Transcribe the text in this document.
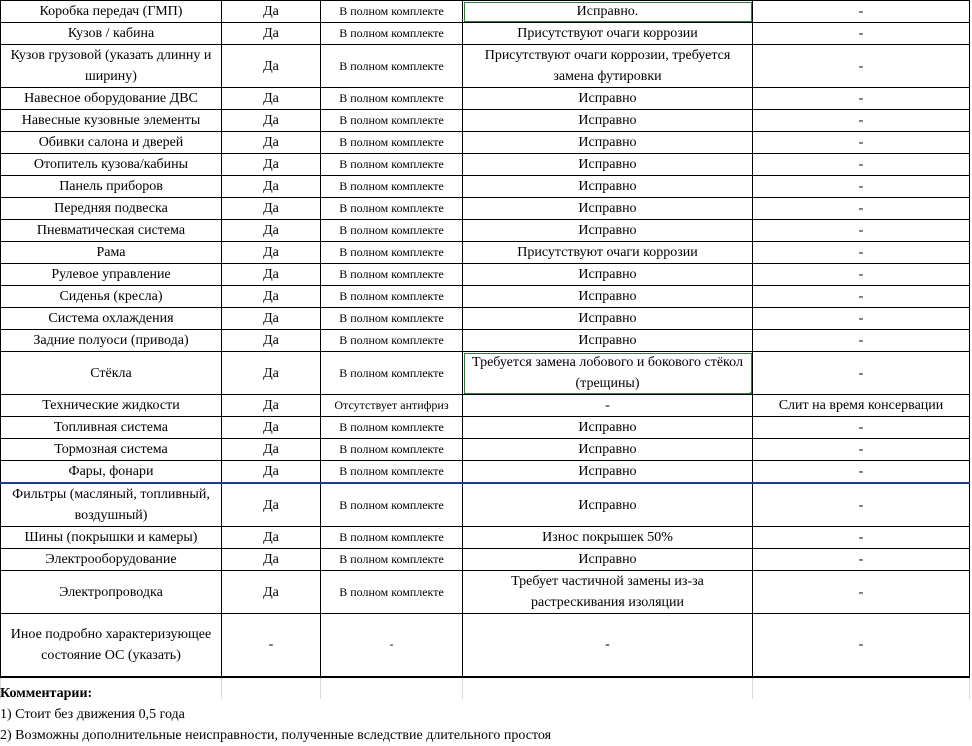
Коробка передач (ГМП)	Да	В полном комплекте	Исправно.	-
Кузов / кабина	Да	В полном комплекте	Присутствуют очаги коррозии	-
Кузов грузовой (указать длинну и ширину)	Да	В полном комплекте	Присутствуют очаги коррозии, требуется замена футировки	-
Навесное оборудование ДВС	Да	В полном комплекте	Исправно	-
Навесные кузовные элементы	Да	В полном комплекте	Исправно	-
Обивки салона и дверей	Да	В полном комплекте	Исправно	-
Отопитель кузова/кабины	Да	В полном комплекте	Исправно	-
Панель приборов	Да	В полном комплекте	Исправно	-
Передняя подвеска	Да	В полном комплекте	Исправно	-
Пневматическая система	Да	В полном комплекте	Исправно	-
Рама	Да	В полном комплекте	Присутствуют очаги коррозии	-
Рулевое управление	Да	В полном комплекте	Исправно	-
Сиденья (кресла)	Да	В полном комплекте	Исправно	-
Система охлаждения	Да	В полном комплекте	Исправно	-
Задние полуоси (привода)	Да	В полном комплекте	Исправно	-
Стёкла	Да	В полном комплекте	Требуется замена лобового и бокового стёкол (трещины)	-
Технические жидкости	Да	Отсутствует антифриз	-	Слит на время консервации
Топливная система	Да	В полном комплекте	Исправно	-
Тормозная система	Да	В полном комплекте	Исправно	-
Фары, фонари	Да	В полном комплекте	Исправно	-
Фильтры (масляный, топливный, воздушный)	Да	В полном комплекте	Исправно	-
Шины (покрышки и камеры)	Да	В полном комплекте	Износ покрышек 50%	-
Электрооборудование	Да	В полном комплекте	Исправно	-
Электропроводка	Да	В полном комплекте	Требует частичной замены из-за растрескивания изоляции	-
Иное подробно характеризующее состояние ОС (указать)	-	-	-	-

Комментарии:
1) Стоит без движения 0,5 года
2) Возможны дополнительные неисправности, полученные вследствие длительного простоя
